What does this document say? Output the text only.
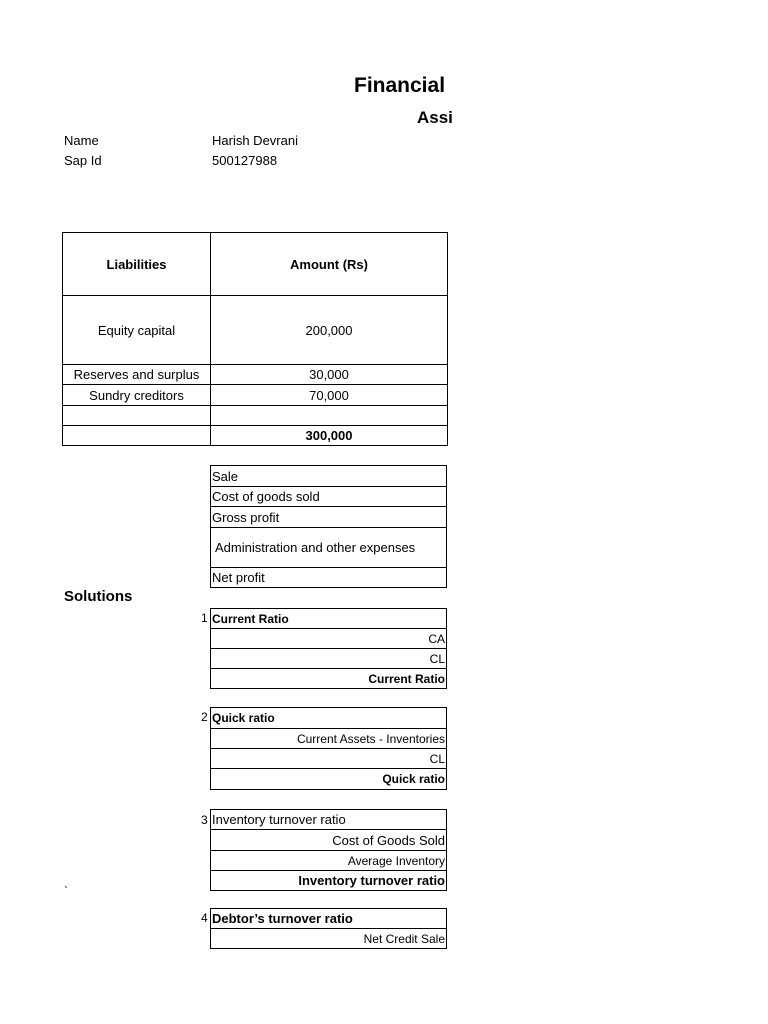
Financial
Assi
Name	Harish Devrani
Sap Id	500127988
Liabilities	Amount (Rs)
Equity capital	200,000
Reserves and surplus	30,000
Sundry creditors	70,000

	300,000
Sale
Cost of goods sold
Gross profit
Administration and other expenses
Net profit
Solutions
1 Current Ratio
CA
CL
Current Ratio
2 Quick ratio
Current Assets - Inventories
CL
Quick ratio
3 Inventory turnover ratio
Cost of Goods Sold
Average Inventory
Inventory turnover ratio
`
4 Debtor’s turnover ratio
Net Credit Sale
